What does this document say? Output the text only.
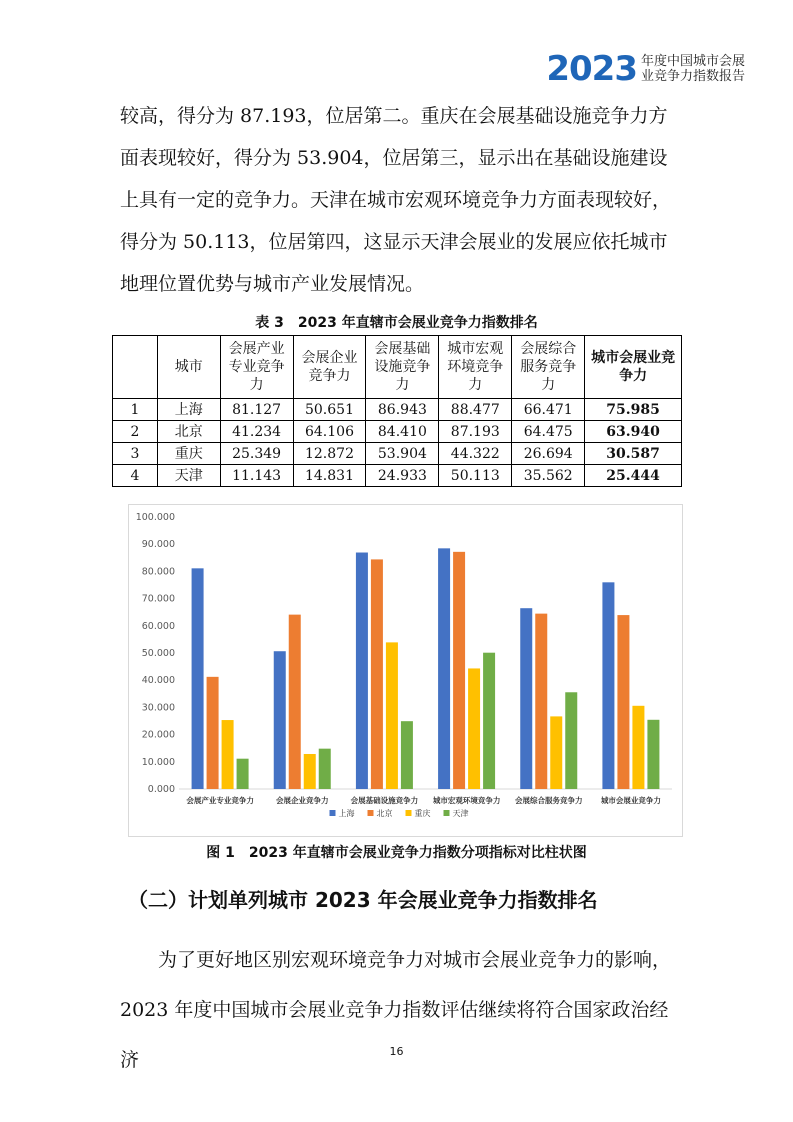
2023 年度中国城市会展
业竞争力指数报告

较高，得分为 87.193，位居第二。重庆在会展基础设施竞争力方面表现较好，得分为 53.904，位居第三，显示出在基础设施建设上具有一定的竞争力。天津在城市宏观环境竞争力方面表现较好，得分为 50.113，位居第四，这显示天津会展业的发展应依托城市地理位置优势与城市产业发展情况。

表 3　2023 年直辖市会展业竞争力指数排名
	城市	会展产业专业竞争力	会展企业竞争力	会展基础设施竞争力	城市宏观环境竞争力	会展综合服务竞争力	城市会展业竞争力
1	上海	81.127	50.651	86.943	88.477	66.471	75.985
2	北京	41.234	64.106	84.410	87.193	64.475	63.940
3	重庆	25.349	12.872	53.904	44.322	26.694	30.587
4	天津	11.143	14.831	24.933	50.113	35.562	25.444
0.000
10.000
20.000
30.000
40.000
50.000
60.000
70.000
80.000
90.000
100.000
会展产业专业竞争力	会展企业竞争力	会展基础设施竞争力 城市宏观环境竞争力 会展综合服务竞争力 城市会展业竞争力
上海	北京	重庆	天津
图 1　2023 年直辖市会展业竞争力指数分项指标对比柱状图
（二）计划单列城市 2023 年会展业竞争力指数排名

为了更好地区别宏观环境竞争力对城市会展业竞争力的影响，2023 年度中国城市会展业竞争力指数评估继续将符合国家政治经济	16
